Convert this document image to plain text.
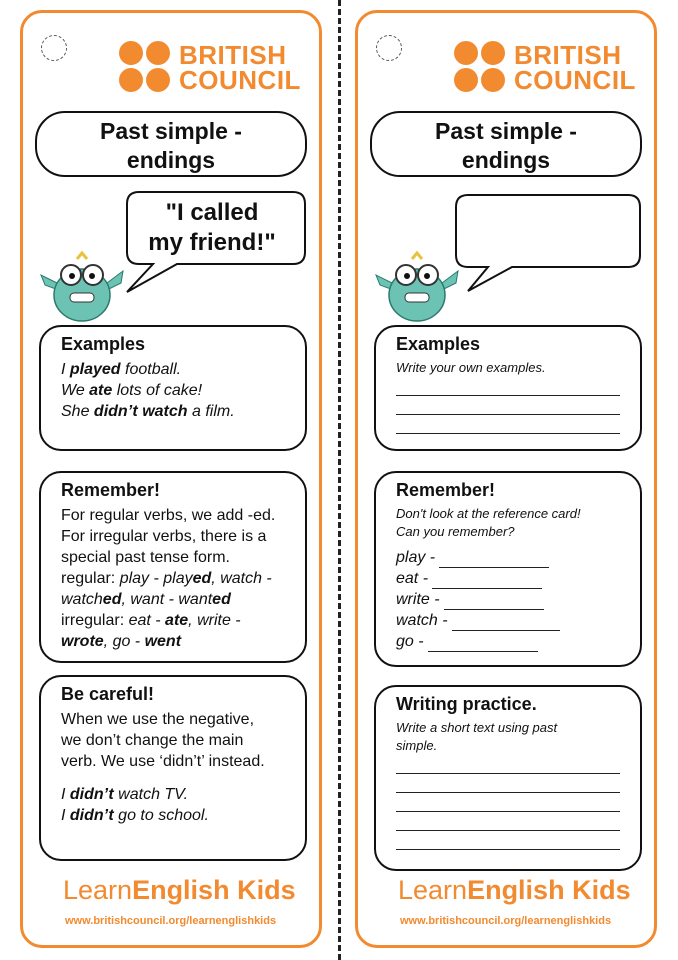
BRITISH
COUNCIL
Past simple -
endings
"I called
my friend!"
Examples
I played football.
We ate lots of cake!
She didn’t watch a film.
Remember!
For regular verbs, we add -ed.
For irregular verbs, there is a
special past tense form.
regular: play - played, watch -
watched, want - wanted
irregular: eat - ate, write -
wrote, go - went
Be careful!
When we use the negative,
we don’t change the main
verb. We use ‘didn’t’ instead.
I didn’t watch TV.
I didn’t go to school.
LearnEnglish Kids
www.britishcouncil.org/learnenglishkids
BRITISH
COUNCIL
Past simple -
endings
Examples
Write your own examples.
Remember!
Don't look at the reference card!
Can you remember?
play -
eat -
write -
watch -
go -
Writing practice.
Write a short text using past
simple.
LearnEnglish Kids
www.britishcouncil.org/learnenglishkids
